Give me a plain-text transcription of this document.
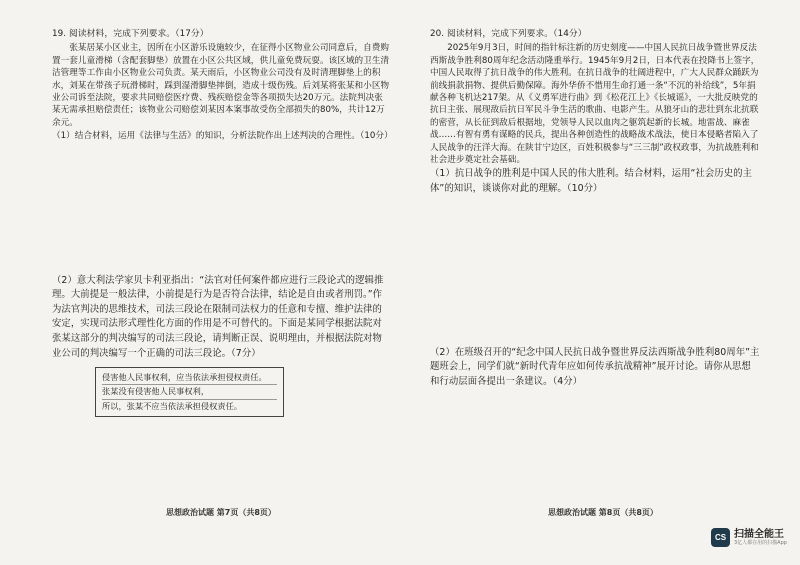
19. 阅读材料，完成下列要求。（17分）

张某居某小区业主，因所在小区游乐设施较少，在征得小区物业公司同意后，自费购置一套儿童滑梯（含配套脚垫）放置在小区公共区域，供儿童免费玩耍。该区域的卫生清洁管理等工作由小区物业公司负责。某天雨后，小区物业公司没有及时清理脚垫上的积水，刘某在带孩子玩滑梯时，踩到湿滑脚垫摔倒，造成十级伤残。后刘某将张某和小区物业公司诉至法院，要求共同赔偿医疗费、残疾赔偿金等各项损失达20万元。法院判决张某无需承担赔偿责任；该物业公司赔偿刘某因本案事故受伤全部损失的80%，共计12万余元。

（1）结合材料，运用《法律与生活》的知识，分析法院作出上述判决的合理性。（10分）

（2）意大利法学家贝卡利亚指出：“法官对任何案件都应进行三段论式的逻辑推理。大前提是一般法律，小前提是行为是否符合法律，结论是自由或者刑罚。”作为法官判决的思维技术，司法三段论在限制司法权力的任意和专擅、维护法律的安定，实现司法形式理性化方面的作用是不可替代的。下面是某同学根据法院对张某这部分的判决编写的司法三段论，请判断正误、说明理由，并根据法院对物业公司的判决编写一个正确的司法三段论。（7分）

侵害他人民事权利，应当依法承担侵权责任。
张某没有侵害他人民事权利，
所以，张某不应当依法承担侵权责任。
20. 阅读材料，完成下列要求。（14分）

2025年9月3日，时间的指针标注新的历史刻度——中国人民抗日战争暨世界反法西斯战争胜利80周年纪念活动隆重举行。1945年9月2日，日本代表在投降书上签字，中国人民取得了抗日战争的伟大胜利。在抗日战争的壮阔进程中，广大人民群众踊跃为前线捐款捐物、提供后勤保障。海外华侨不惜用生命打通一条“不沉的补给线”，5年捐献各种飞机达217架。从《义勇军进行曲》到《松花江上》《长城谣》，一大批反映党的抗日主张、展现敌后抗日军民斗争生活的歌曲、电影产生。从狼牙山的悲壮到东北抗联的密营，从长征到敌后根据地，党领导人民以血肉之躯筑起新的长城。地雷战、麻雀战……有智有勇有谋略的民兵，提出各种创造性的战略战术战法，使日本侵略者陷入了人民战争的汪洋大海。在陕甘宁边区，百姓积极参与“三三制”政权政事，为抗战胜利和社会进步奠定社会基础。

（1）抗日战争的胜利是中国人民的伟大胜利。结合材料，运用“社会历史的主体”的知识，谈谈你对此的理解。（10分）

（2）在班级召开的“纪念中国人民抗日战争暨世界反法西斯战争胜利80周年”主题班会上，同学们就“新时代青年应如何传承抗战精神”展开讨论。请你从思想和行动层面各提出一条建议。（4分）

思想政治试题 第7页（共8页）	思想政治试题 第8页（共8页）
CS 扫描全能王
3亿人都在用的扫描App
